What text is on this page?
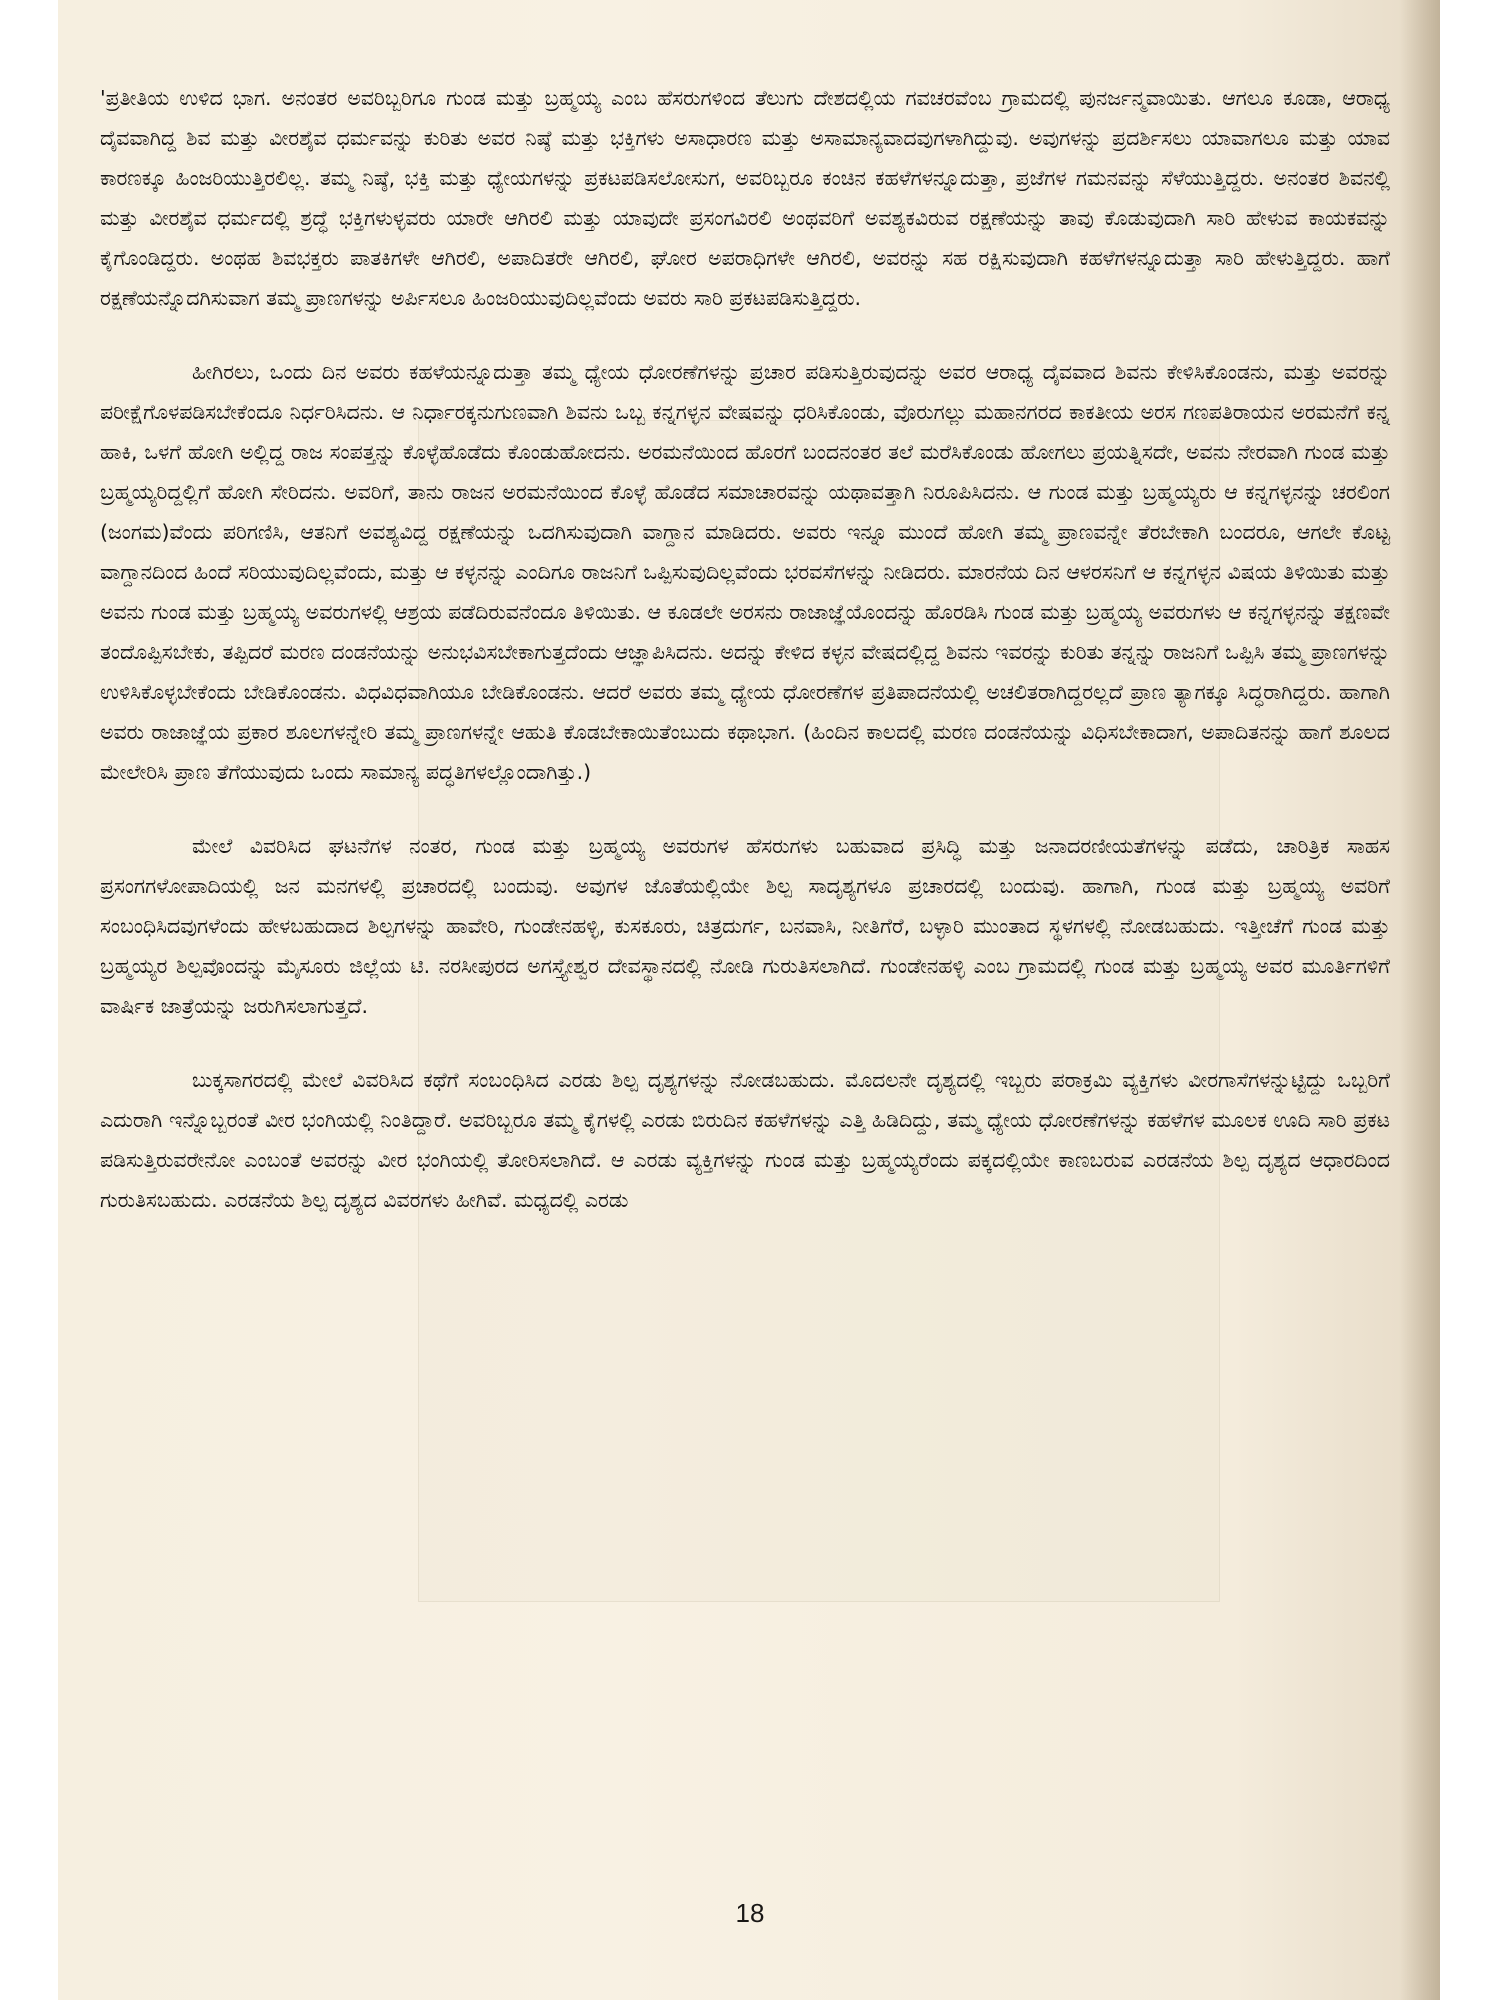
'ಪ್ರತೀತಿಯ ಉಳಿದ ಭಾಗ. ಅನಂತರ ಅವರಿಬ್ಬರಿಗೂ ಗುಂಡ ಮತ್ತು ಬ್ರಹ್ಮಯ್ಯ ಎಂಬ ಹೆಸರುಗಳಿಂದ ತೆಲುಗು ದೇಶದಲ್ಲಿಯ ಗವಚರವೆಂಬ ಗ್ರಾಮದಲ್ಲಿ ಪುನರ್ಜನ್ಮವಾಯಿತು. ಆಗಲೂ ಕೂಡಾ, ಆರಾಧ್ಯ ದೈವವಾಗಿದ್ದ ಶಿವ ಮತ್ತು ವೀರಶೈವ ಧರ್ಮವನ್ನು ಕುರಿತು ಅವರ ನಿಷ್ಠೆ ಮತ್ತು ಭಕ್ತಿಗಳು ಅಸಾಧಾರಣ ಮತ್ತು ಅಸಾಮಾನ್ಯವಾದವುಗಳಾಗಿದ್ದುವು. ಅವುಗಳನ್ನು ಪ್ರದರ್ಶಿಸಲು ಯಾವಾಗಲೂ ಮತ್ತು ಯಾವ ಕಾರಣಕ್ಕೂ ಹಿಂಜರಿಯುತ್ತಿರಲಿಲ್ಲ. ತಮ್ಮ ನಿಷ್ಠೆ, ಭಕ್ತಿ ಮತ್ತು ಧ್ಯೇಯಗಳನ್ನು ಪ್ರಕಟಪಡಿಸಲೋಸುಗ, ಅವರಿಬ್ಬರೂ ಕಂಚಿನ ಕಹಳೆಗಳನ್ನೂದುತ್ತಾ, ಪ್ರಜೆಗಳ ಗಮನವನ್ನು ಸೆಳೆಯುತ್ತಿದ್ದರು. ಅನಂತರ ಶಿವನಲ್ಲಿ ಮತ್ತು ವೀರಶೈವ ಧರ್ಮದಲ್ಲಿ ಶ್ರದ್ಧೆ ಭಕ್ತಿಗಳುಳ್ಳವರು ಯಾರೇ ಆಗಿರಲಿ ಮತ್ತು ಯಾವುದೇ ಪ್ರಸಂಗವಿರಲಿ ಅಂಥವರಿಗೆ ಅವಶ್ಯಕವಿರುವ ರಕ್ಷಣೆಯನ್ನು ತಾವು ಕೊಡುವುದಾಗಿ ಸಾರಿ ಹೇಳುವ ಕಾಯಕವನ್ನು ಕೈಗೊಂಡಿದ್ದರು. ಅಂಥಹ ಶಿವಭಕ್ತರು ಪಾತಕಿಗಳೇ ಆಗಿರಲಿ, ಅಪಾದಿತರೇ ಆಗಿರಲಿ, ಘೋರ ಅಪರಾಧಿಗಳೇ ಆಗಿರಲಿ, ಅವರನ್ನು ಸಹ ರಕ್ಷಿಸುವುದಾಗಿ ಕಹಳೆಗಳನ್ನೂದುತ್ತಾ ಸಾರಿ ಹೇಳುತ್ತಿದ್ದರು. ಹಾಗೆ ರಕ್ಷಣೆಯನ್ನೊದಗಿಸುವಾಗ ತಮ್ಮ ಪ್ರಾಣಗಳನ್ನು ಅರ್ಪಿಸಲೂ ಹಿಂಜರಿಯುವುದಿಲ್ಲವೆಂದು ಅವರು ಸಾರಿ ಪ್ರಕಟಪಡಿಸುತ್ತಿದ್ದರು.

ಹೀಗಿರಲು, ಒಂದು ದಿನ ಅವರು ಕಹಳೆಯನ್ನೂದುತ್ತಾ ತಮ್ಮ ಧ್ಯೇಯ ಧೋರಣೆಗಳನ್ನು ಪ್ರಚಾರ ಪಡಿಸುತ್ತಿರುವುದನ್ನು ಅವರ ಆರಾಧ್ಯ ದೈವವಾದ ಶಿವನು ಕೇಳಿಸಿಕೊಂಡನು, ಮತ್ತು ಅವರನ್ನು ಪರೀಕ್ಷೆಗೊಳಪಡಿಸಬೇಕೆಂದೂ ನಿರ್ಧರಿಸಿದನು. ಆ ನಿರ್ಧಾರಕ್ಕನುಗುಣವಾಗಿ ಶಿವನು ಒಬ್ಬ ಕನ್ನಗಳ್ಳನ ವೇಷವನ್ನು ಧರಿಸಿಕೊಂಡು, ವೊರುಗಲ್ಲು ಮಹಾನಗರದ ಕಾಕತೀಯ ಅರಸ ಗಣಪತಿರಾಯನ ಅರಮನೆಗೆ ಕನ್ನ ಹಾಕಿ, ಒಳಗೆ ಹೋಗಿ ಅಲ್ಲಿದ್ದ ರಾಜ ಸಂಪತ್ತನ್ನು ಕೊಳ್ಳೆಹೊಡೆದು ಕೊಂಡುಹೋದನು. ಅರಮನೆಯಿಂದ ಹೊರಗೆ ಬಂದನಂತರ ತಲೆ ಮರೆಸಿಕೊಂಡು ಹೋಗಲು ಪ್ರಯತ್ನಿಸದೇ, ಅವನು ನೇರವಾಗಿ ಗುಂಡ ಮತ್ತು ಬ್ರಹ್ಮಯ್ಯರಿದ್ದಲ್ಲಿಗೆ ಹೋಗಿ ಸೇರಿದನು. ಅವರಿಗೆ, ತಾನು ರಾಜನ ಅರಮನೆಯಿಂದ ಕೊಳ್ಳೆ ಹೊಡೆದ ಸಮಾಚಾರವನ್ನು ಯಥಾವತ್ತಾಗಿ ನಿರೂಪಿಸಿದನು. ಆ ಗುಂಡ ಮತ್ತು ಬ್ರಹ್ಮಯ್ಯರು ಆ ಕನ್ನಗಳ್ಳನನ್ನು ಚರಲಿಂಗ (ಜಂಗಮ)ವೆಂದು ಪರಿಗಣಿಸಿ, ಆತನಿಗೆ ಅವಶ್ಯವಿದ್ದ ರಕ್ಷಣೆಯನ್ನು ಒದಗಿಸುವುದಾಗಿ ವಾಗ್ದಾನ ಮಾಡಿದರು. ಅವರು ಇನ್ನೂ ಮುಂದೆ ಹೋಗಿ ತಮ್ಮ ಪ್ರಾಣವನ್ನೇ ತೆರಬೇಕಾಗಿ ಬಂದರೂ, ಆಗಲೇ ಕೊಟ್ಟ ವಾಗ್ದಾನದಿಂದ ಹಿಂದೆ ಸರಿಯುವುದಿಲ್ಲವೆಂದು, ಮತ್ತು ಆ ಕಳ್ಳನನ್ನು ಎಂದಿಗೂ ರಾಜನಿಗೆ ಒಪ್ಪಿಸುವುದಿಲ್ಲವೆಂದು ಭರವಸೆಗಳನ್ನು ನೀಡಿದರು. ಮಾರನೆಯ ದಿನ ಆಳರಸನಿಗೆ ಆ ಕನ್ನಗಳ್ಳನ ವಿಷಯ ತಿಳಿಯಿತು ಮತ್ತು ಅವನು ಗುಂಡ ಮತ್ತು ಬ್ರಹ್ಮಯ್ಯ ಅವರುಗಳಲ್ಲಿ ಆಶ್ರಯ ಪಡೆದಿರುವನೆಂದೂ ತಿಳಿಯಿತು. ಆ ಕೂಡಲೇ ಅರಸನು ರಾಜಾಜ್ಞೆಯೊಂದನ್ನು ಹೊರಡಿಸಿ ಗುಂಡ ಮತ್ತು ಬ್ರಹ್ಮಯ್ಯ ಅವರುಗಳು ಆ ಕನ್ನಗಳ್ಳನನ್ನು ತಕ್ಷಣವೇ ತಂದೊಪ್ಪಿಸಬೇಕು, ತಪ್ಪಿದರೆ ಮರಣ ದಂಡನೆಯನ್ನು ಅನುಭವಿಸಬೇಕಾಗುತ್ತದೆಂದು ಆಜ್ಞಾಪಿಸಿದನು. ಅದನ್ನು ಕೇಳಿದ ಕಳ್ಳನ ವೇಷದಲ್ಲಿದ್ದ ಶಿವನು ಇವರನ್ನು ಕುರಿತು ತನ್ನನ್ನು ರಾಜನಿಗೆ ಒಪ್ಪಿಸಿ ತಮ್ಮ ಪ್ರಾಣಗಳನ್ನು ಉಳಿಸಿಕೊಳ್ಳಬೇಕೆಂದು ಬೇಡಿಕೊಂಡನು. ವಿಧವಿಧವಾಗಿಯೂ ಬೇಡಿಕೊಂಡನು. ಆದರೆ ಅವರು ತಮ್ಮ ಧ್ಯೇಯ ಧೋರಣೆಗಳ ಪ್ರತಿಪಾದನೆಯಲ್ಲಿ ಅಚಲಿತರಾಗಿದ್ದರಲ್ಲದೆ ಪ್ರಾಣ ತ್ಯಾಗಕ್ಕೂ ಸಿದ್ಧರಾಗಿದ್ದರು. ಹಾಗಾಗಿ ಅವರು ರಾಜಾಜ್ಞೆಯ ಪ್ರಕಾರ ಶೂಲಗಳನ್ನೇರಿ ತಮ್ಮ ಪ್ರಾಣಗಳನ್ನೇ ಆಹುತಿ ಕೊಡಬೇಕಾಯಿತೆಂಬುದು ಕಥಾಭಾಗ. (ಹಿಂದಿನ ಕಾಲದಲ್ಲಿ ಮರಣ ದಂಡನೆಯನ್ನು ವಿಧಿಸಬೇಕಾದಾಗ, ಅಪಾದಿತನನ್ನು ಹಾಗೆ ಶೂಲದ ಮೇಲೇರಿಸಿ ಪ್ರಾಣ ತೆಗೆಯುವುದು ಒಂದು ಸಾಮಾನ್ಯ ಪದ್ಧತಿಗಳಲ್ಲೊಂದಾಗಿತ್ತು.)

ಮೇಲೆ ವಿವರಿಸಿದ ಘಟನೆಗಳ ನಂತರ, ಗುಂಡ ಮತ್ತು ಬ್ರಹ್ಮಯ್ಯ ಅವರುಗಳ ಹೆಸರುಗಳು ಬಹುವಾದ ಪ್ರಸಿದ್ಧಿ ಮತ್ತು ಜನಾದರಣೀಯತೆಗಳನ್ನು ಪಡೆದು, ಚಾರಿತ್ರಿಕ ಸಾಹಸ ಪ್ರಸಂಗಗಳೋಪಾದಿಯಲ್ಲಿ ಜನ ಮನಗಳಲ್ಲಿ ಪ್ರಚಾರದಲ್ಲಿ ಬಂದುವು. ಅವುಗಳ ಜೊತೆಯಲ್ಲಿಯೇ ಶಿಲ್ಪ ಸಾದೃಶ್ಯಗಳೂ ಪ್ರಚಾರದಲ್ಲಿ ಬಂದುವು. ಹಾಗಾಗಿ, ಗುಂಡ ಮತ್ತು ಬ್ರಹ್ಮಯ್ಯ ಅವರಿಗೆ ಸಂಬಂಧಿಸಿದವುಗಳೆಂದು ಹೇಳಬಹುದಾದ ಶಿಲ್ಪಗಳನ್ನು ಹಾವೇರಿ, ಗುಂಡೇನಹಳ್ಳಿ, ಕುಸಕೂರು, ಚಿತ್ರದುರ್ಗ, ಬನವಾಸಿ, ನೀತಿಗೆರೆ, ಬಳ್ಳಾರಿ ಮುಂತಾದ ಸ್ಥಳಗಳಲ್ಲಿ ನೋಡಬಹುದು. ಇತ್ತೀಚೆಗೆ ಗುಂಡ ಮತ್ತು ಬ್ರಹ್ಮಯ್ಯರ ಶಿಲ್ಪವೊಂದನ್ನು ಮೈಸೂರು ಜಿಲ್ಲೆಯ ಟಿ. ನರಸೀಪುರದ ಅಗಸ್ತ್ಯೇಶ್ವರ ದೇವಸ್ಥಾನದಲ್ಲಿ ನೋಡಿ ಗುರುತಿಸಲಾಗಿದೆ. ಗುಂಡೇನಹಳ್ಳಿ ಎಂಬ ಗ್ರಾಮದಲ್ಲಿ ಗುಂಡ ಮತ್ತು ಬ್ರಹ್ಮಯ್ಯ ಅವರ ಮೂರ್ತಿಗಳಿಗೆ ವಾರ್ಷಿಕ ಜಾತ್ರೆಯನ್ನು ಜರುಗಿಸಲಾಗುತ್ತದೆ.

ಬುಕ್ಕಸಾಗರದಲ್ಲಿ ಮೇಲೆ ವಿವರಿಸಿದ ಕಥೆಗೆ ಸಂಬಂಧಿಸಿದ ಎರಡು ಶಿಲ್ಪ ದೃಶ್ಯಗಳನ್ನು ನೋಡಬಹುದು. ಮೊದಲನೇ ದೃಶ್ಯದಲ್ಲಿ ಇಬ್ಬರು ಪರಾಕ್ರಮಿ ವ್ಯಕ್ತಿಗಳು ವೀರಗಾಸೆಗಳನ್ನುಟ್ಟಿದ್ದು ಒಬ್ಬರಿಗೆ ಎದುರಾಗಿ ಇನ್ನೊಬ್ಬರಂತೆ ವೀರ ಭಂಗಿಯಲ್ಲಿ ನಿಂತಿದ್ದಾರೆ. ಅವರಿಬ್ಬರೂ ತಮ್ಮ ಕೈಗಳಲ್ಲಿ ಎರಡು ಬಿರುದಿನ ಕಹಳೆಗಳನ್ನು ಎತ್ತಿ ಹಿಡಿದಿದ್ದು, ತಮ್ಮ ಧ್ಯೇಯ ಧೋರಣೆಗಳನ್ನು ಕಹಳೆಗಳ ಮೂಲಕ ಊದಿ ಸಾರಿ ಪ್ರಕಟ ಪಡಿಸುತ್ತಿರುವರೇನೋ ಎಂಬಂತೆ ಅವರನ್ನು ವೀರ ಭಂಗಿಯಲ್ಲಿ ತೋರಿಸಲಾಗಿದೆ. ಆ ಎರಡು ವ್ಯಕ್ತಿಗಳನ್ನು ಗುಂಡ ಮತ್ತು ಬ್ರಹ್ಮಯ್ಯರೆಂದು ಪಕ್ಕದಲ್ಲಿಯೇ ಕಾಣಬರುವ ಎರಡನೆಯ ಶಿಲ್ಪ ದೃಶ್ಯದ ಆಧಾರದಿಂದ ಗುರುತಿಸಬಹುದು. ಎರಡನೆಯ ಶಿಲ್ಪ ದೃಶ್ಯದ ವಿವರಗಳು ಹೀಗಿವೆ. ಮಧ್ಯದಲ್ಲಿ ಎರಡು

18
